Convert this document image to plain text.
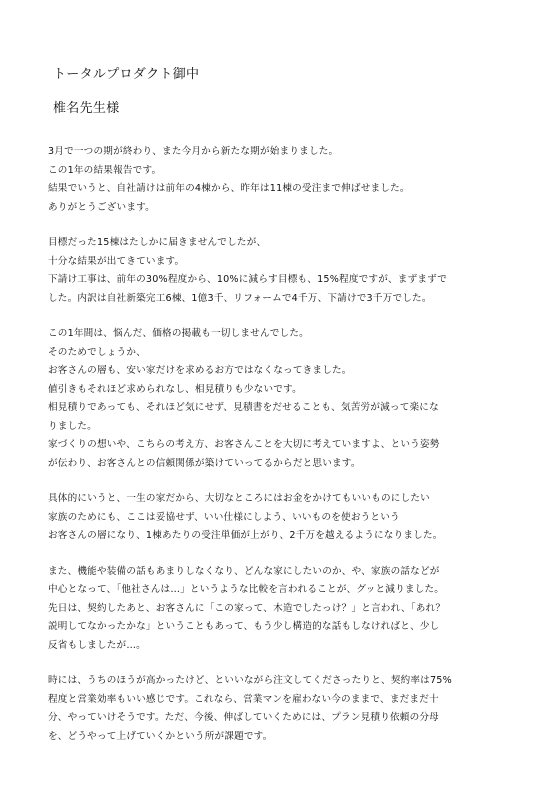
トータルプロダクト御中
椎名先生様
3月で一つの期が終わり、また今月から新たな期が始まりました。
この1年の結果報告です。
結果でいうと、自社請けは前年の4棟から、昨年は11棟の受注まで伸ばせました。
ありがとうございます。
目標だった15棟はたしかに届きませんでしたが、
十分な結果が出てきています。
下請け工事は、前年の30%程度から、10%に減らす目標も、15%程度ですが、まずまずで
した。内訳は自社新築完工6棟、1億3千、リフォームで4千万、下請けで3千万でした。
この1年間は、悩んだ、価格の掲載も一切しませんでした。
そのためでしょうか、
お客さんの層も、安い家だけを求めるお方ではなくなってきました。
値引きもそれほど求められなし、相見積りも少ないです。
相見積りであっても、それほど気にせず、見積書をだせることも、気苦労が減って楽にな
りました。
家づくりの想いや、こちらの考え方、お客さんことを大切に考えていますよ、という姿勢
が伝わり、お客さんとの信頼関係が築けていってるからだと思います。
具体的にいうと、一生の家だから、大切なところにはお金をかけてもいいものにしたい
家族のためにも、ここは妥協せず、いい仕様にしよう、いいものを使おうという
お客さんの層になり、1棟あたりの受注単価が上がり、2千万を越えるようになりました。
また、機能や装備の話もあまりしなくなり、どんな家にしたいのか、や、家族の話などが
中心となって、「他社さんは…」というような比較を言われることが、グッと減りました。
先日は、契約したあと、お客さんに「この家って、木造でしたっけ？」と言われ、「あれ？
説明してなかったかな」ということもあって、もう少し構造的な話もしなければと、少し
反省もしましたが…。
時には、うちのほうが高かったけど、といいながら注文してくださったりと、契約率は75%
程度と営業効率もいい感じです。これなら、営業マンを雇わない今のままで、まだまだ十
分、やっていけそうです。ただ、今後、伸ばしていくためには、プラン見積り依頼の分母
を、どうやって上げていくかという所が課題です。
